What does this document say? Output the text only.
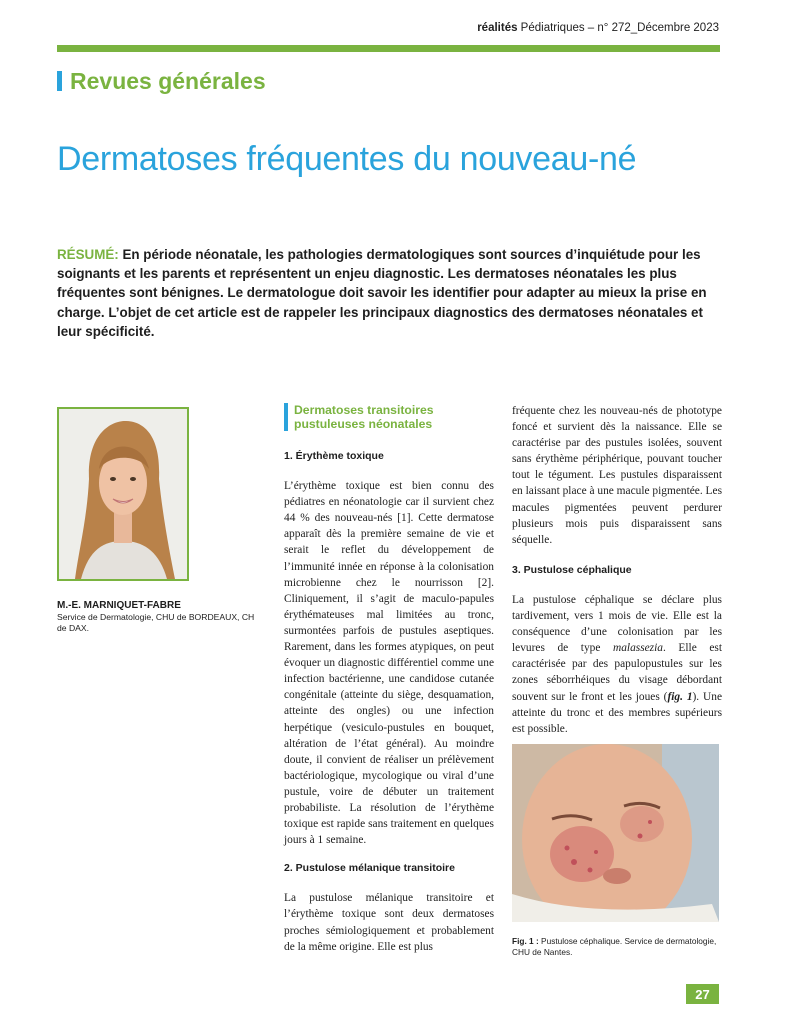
réalités Pédiatriques – n° 272_Décembre 2023
Revues générales
Dermatoses fréquentes du nouveau-né
RÉSUMÉ: En période néonatale, les pathologies dermatologiques sont sources d’inquiétude pour les soignants et les parents et représentent un enjeu diagnostic. Les dermatoses néonatales les plus fréquentes sont bénignes. Le dermatologue doit savoir les identifier pour adapter au mieux la prise en charge. L’objet de cet article est de rappeler les principaux diagnostics des dermatoses néonatales et leur spécificité.
M.-E. MARNIQUET-FABRE
Service de Dermatologie, CHU de BORDEAUX, CH de DAX.
Dermatoses transitoires
pustuleuses néonatales
1. Érythème toxique

L’érythème toxique est bien connu des pédiatres en néonatologie car il survient chez 44 % des nouveau-nés [1]. Cette dermatose apparaît dès la première semaine de vie et serait le reflet du développement de l’immunité innée en réponse à la colonisation microbienne chez le nourrisson [2]. Cliniquement, il s’agit de maculo-papules érythémateuses mal limitées au tronc, surmontées parfois de pustules aseptiques. Rarement, dans les formes atypiques, on peut évoquer un diagnostic différentiel comme une infection bactérienne, une candidose cutanée congénitale (atteinte du siège, desquamation, atteinte des ongles) ou une infection herpétique (vesiculo-pustules en bouquet, altération de l’état général). Au moindre doute, il convient de réaliser un prélèvement bactériologique, mycologique ou viral d’une pustule, voire de débuter un traitement probabiliste. La résolution de l’érythème toxique est rapide sans traitement en quelques jours à 1 semaine.

2. Pustulose mélanique transitoire

La pustulose mélanique transitoire et l’érythème toxique sont deux dermatoses proches sémiologiquement et probablement de la même origine. Elle est plus

fréquente chez les nouveau-nés de phototype foncé et survient dès la naissance. Elle se caractérise par des pustules isolées, souvent sans érythème périphérique, pouvant toucher tout le tégument. Les pustules disparaissent en laissant place à une macule pigmentée. Les macules pigmentées peuvent perdurer plusieurs mois puis disparaissent sans séquelle.

3. Pustulose céphalique

La pustulose céphalique se déclare plus tardivement, vers 1 mois de vie. Elle est la conséquence d’une colonisation par les levures de type malassezia. Elle est caractérisée par des papulopustules sur les zones séborrhéiques du visage débordant souvent sur le front et les joues (fig. 1). Une atteinte du tronc et des membres supérieurs est possible.

Fig. 1 : Pustulose céphalique. Service de dermatologie, CHU de Nantes.
27
